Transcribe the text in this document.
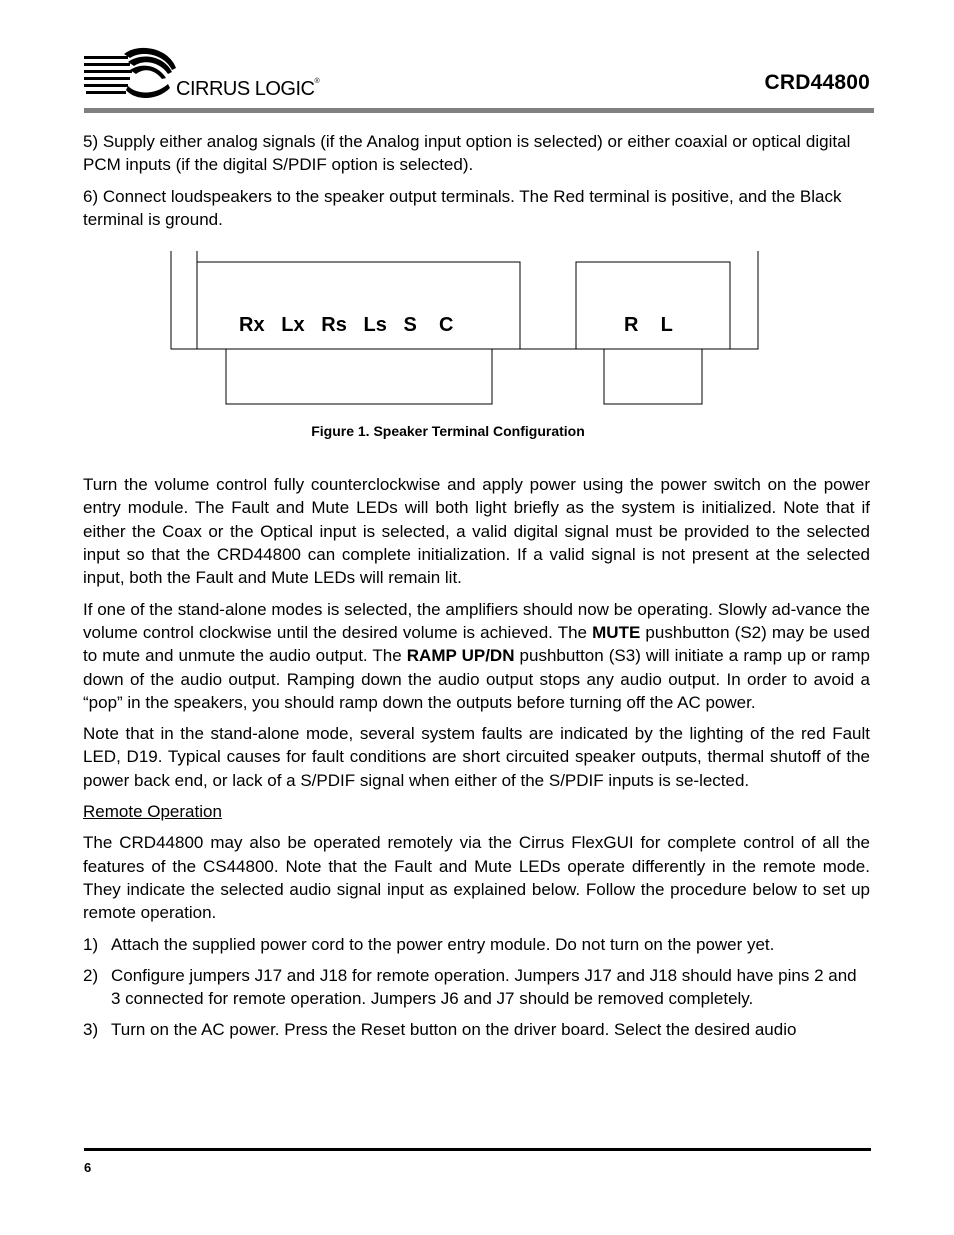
CIRRUS LOGIC®	CRD44800

5) Supply either analog signals (if the Analog input option is selected) or either coaxial or optical digital PCM inputs (if the digital S/PDIF option is selected).

6) Connect loudspeakers to the speaker output terminals. The Red terminal is positive, and the Black terminal is ground.

Rx   Lx   Rs   Ls   S    C	R    L
Figure 1. Speaker Terminal Configuration

Turn the volume control fully counterclockwise and apply power using the power switch on the power entry module. The Fault and Mute LEDs will both light briefly as the system is initialized. Note that if either the Coax or the Optical input is selected, a valid digital signal must be provided to the selected input so that the CRD44800 can complete initialization. If a valid signal is not present at the selected input, both the Fault and Mute LEDs will remain lit.

If one of the stand-alone modes is selected, the amplifiers should now be operating. Slowly ad-vance the volume control clockwise until the desired volume is achieved. The MUTE pushbutton (S2) may be used to mute and unmute the audio output. The RAMP UP/DN pushbutton (S3) will initiate a ramp up or ramp down of the audio output. Ramping down the audio output stops any audio output. In order to avoid a “pop” in the speakers, you should ramp down the outputs before turning off the AC power.

Note that in the stand-alone mode, several system faults are indicated by the lighting of the red Fault LED, D19. Typical causes for fault conditions are short circuited speaker outputs, thermal shutoff of the power back end, or lack of a S/PDIF signal when either of the S/PDIF inputs is se-lected.

Remote Operation

The CRD44800 may also be operated remotely via the Cirrus FlexGUI for complete control of all the features of the CS44800. Note that the Fault and Mute LEDs operate differently in the remote mode. They indicate the selected audio signal input as explained below. Follow the procedure below to set up remote operation.

1) Attach the supplied power cord to the power entry module. Do not turn on the power yet.
2) Configure jumpers J17 and J18 for remote operation. Jumpers J17 and J18 should have pins 2 and 3 connected for remote operation. Jumpers J6 and J7 should be removed completely.
3) Turn on the AC power. Press the Reset button on the driver board. Select the desired audio
6
